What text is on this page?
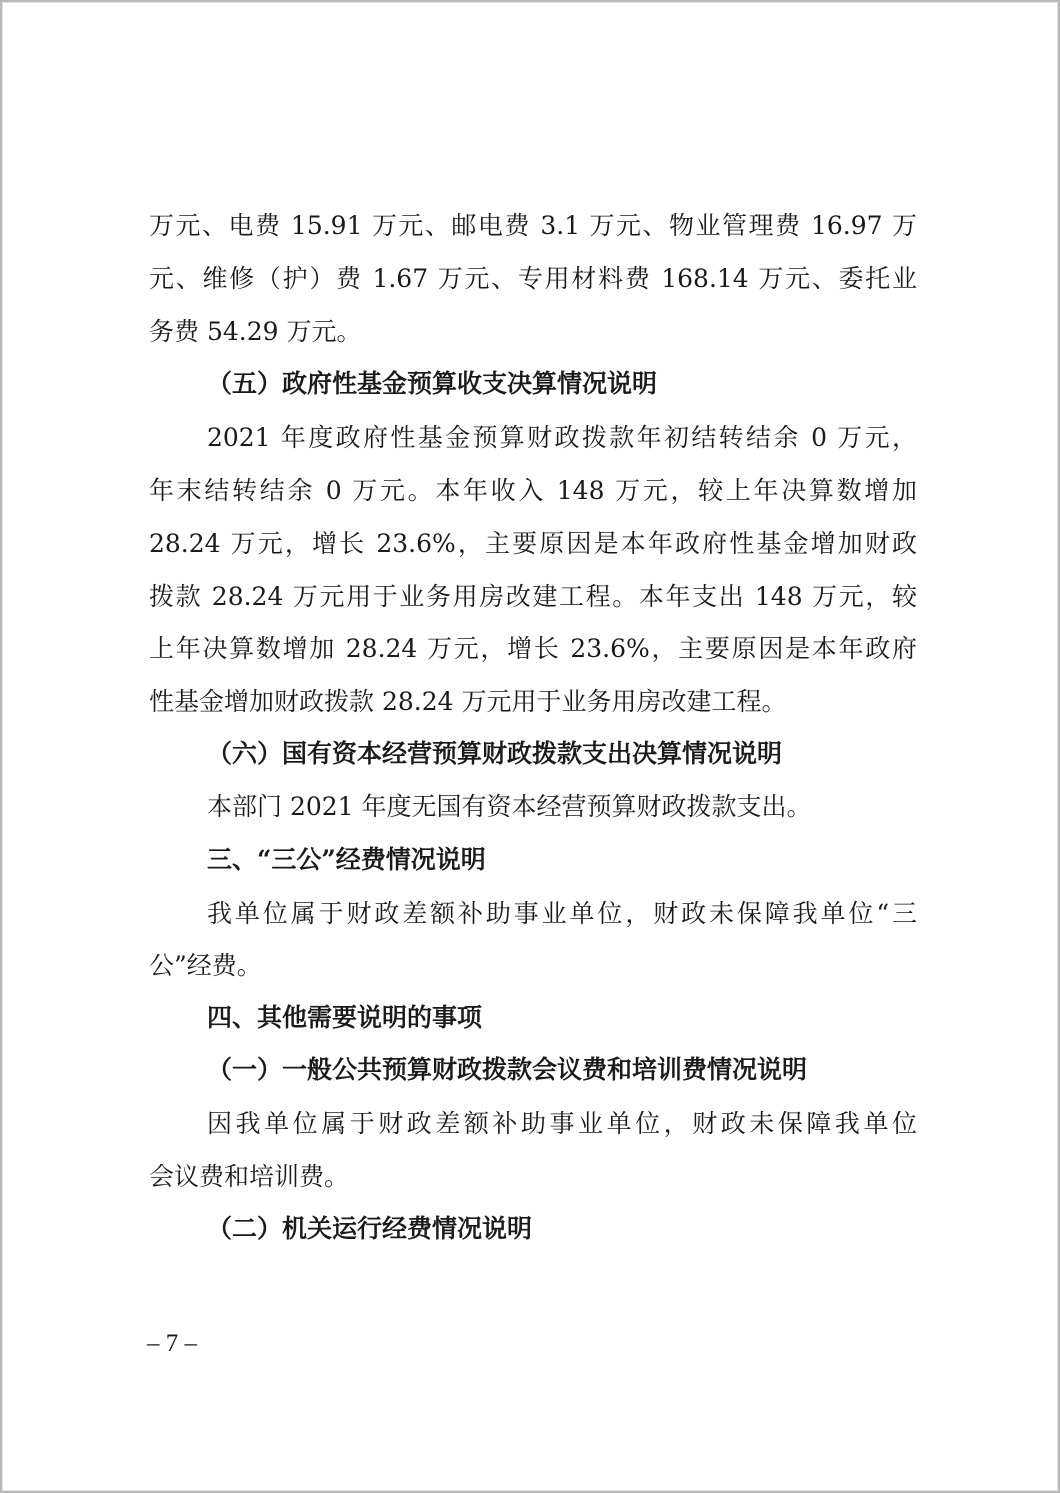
万元、电费 15.91 万元、邮电费 3.1 万元、物业管理费 16.97 万
元、维修（护）费 1.67 万元、专用材料费 168.14 万元、委托业
务费 54.29 万元。
（五）政府性基金预算收支决算情况说明
2021 年度政府性基金预算财政拨款年初结转结余 0 万元，
年末结转结余 0 万元。本年收入 148 万元，较上年决算数增加
28.24 万元，增长 23.6%，主要原因是本年政府性基金增加财政
拨款 28.24 万元用于业务用房改建工程。本年支出 148 万元，较
上年决算数增加 28.24 万元，增长 23.6%，主要原因是本年政府
性基金增加财政拨款 28.24 万元用于业务用房改建工程。
（六）国有资本经营预算财政拨款支出决算情况说明
本部门 2021 年度无国有资本经营预算财政拨款支出。
三、“三公”经费情况说明
我单位属于财政差额补助事业单位，财政未保障我单位“三
公”经费。
四、其他需要说明的事项
（一）一般公共预算财政拨款会议费和培训费情况说明
因我单位属于财政差额补助事业单位，财政未保障我单位
会议费和培训费。
（二）机关运行经费情况说明
– 7 –
